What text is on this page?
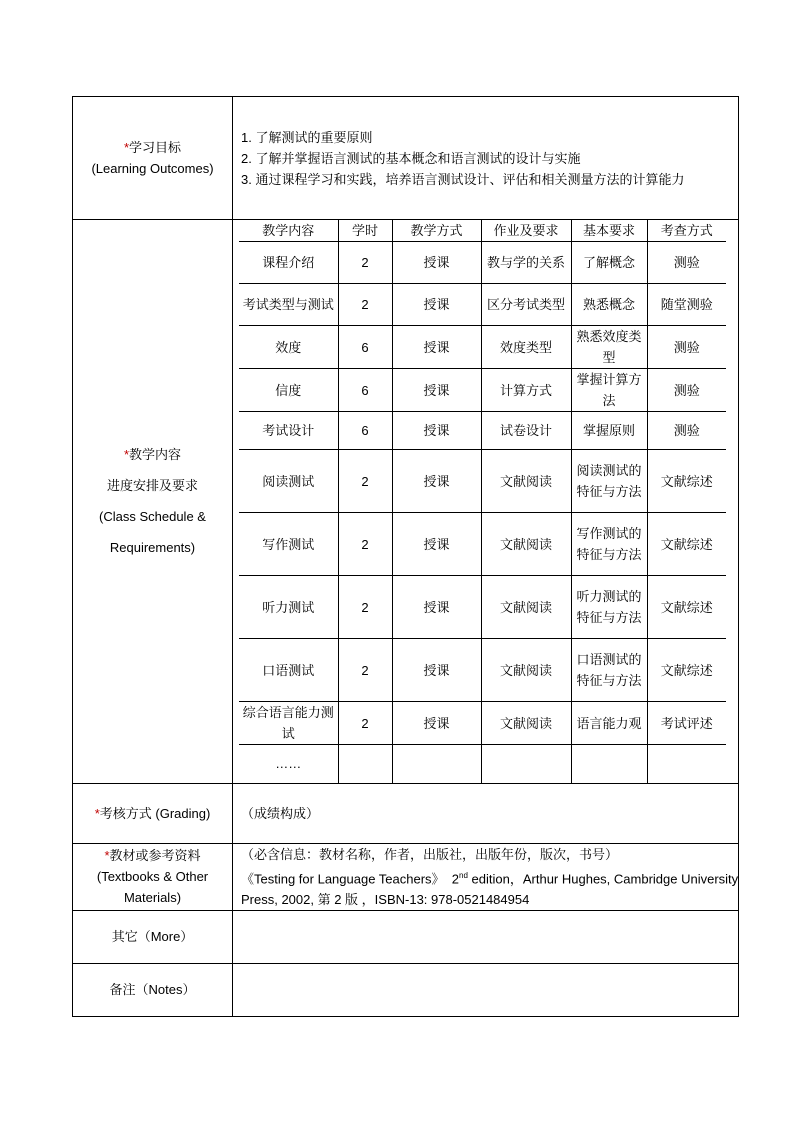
*学习目标
(Learning Outcomes)

1. 了解测试的重要原则
2. 了解并掌握语言测试的基本概念和语言测试的设计与实施
3. 通过课程学习和实践，培养语言测试设计、评估和相关测量方法的计算能力

*教学内容
进度安排及要求
(Class Schedule &
Requirements)

教学内容	学时	教学方式	作业及要求	基本要求	考查方式
课程介绍	2	授课	教与学的关系	了解概念	测验
考试类型与测试	2	授课	区分考试类型	熟悉概念	随堂测验
效度	6	授课	效度类型	熟悉效度类型	测验
信度	6	授课	计算方式	掌握计算方法	测验
考试设计	6	授课	试卷设计	掌握原则	测验
阅读测试	2	授课	文献阅读	阅读测试的特征与方法	文献综述
写作测试	2	授课	文献阅读	写作测试的特征与方法	文献综述
听力测试	2	授课	文献阅读	听力测试的特征与方法	文献综述
口语测试	2	授课	文献阅读	口语测试的特征与方法	文献综述
综合语言能力测试	2	授课	文献阅读	语言能力观	考试评述
……					

*考核方式 (Grading)	（成绩构成）

*教材或参考资料
(Textbooks & Other
Materials)

（必含信息：教材名称，作者，出版社，出版年份，版次，书号）
《Testing for Language Teachers》 2nd edition，Arthur Hughes, Cambridge University
Press, 2002, 第 2 版 ，ISBN-13: 978-0521484954

其它（More）	
备注（Notes）	
